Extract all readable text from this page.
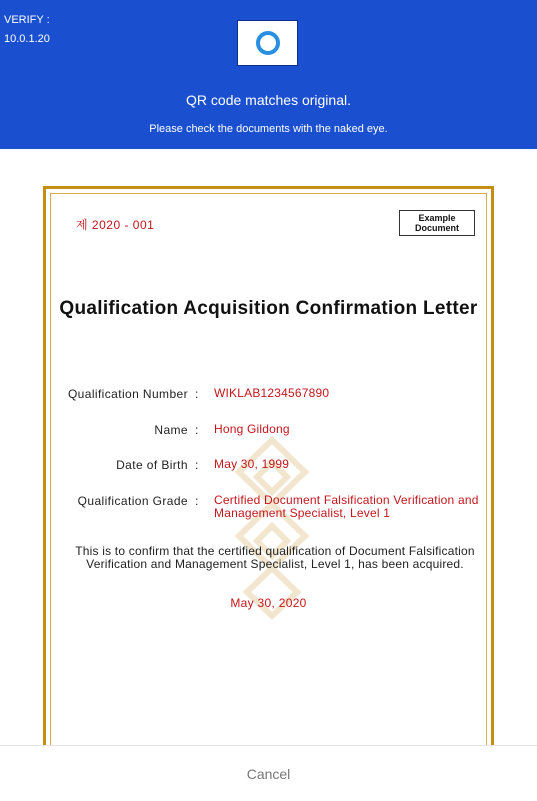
VERIFY :
10.0.1.20
QR code matches original.
Please check the documents with the naked eye.
제 2020 - 001	Example
Document
Qualification Acquisition Confirmation Letter
Qualification Number : WIKLAB1234567890
Name : Hong Gildong
Date of Birth : May 30, 1999
Qualification Grade : Certified Document Falsification Verification and Management Specialist, Level 1
This is to confirm that the certified qualification of Document Falsification Verification and Management Specialist, Level 1, has been acquired.
May 30, 2020
Cancel
